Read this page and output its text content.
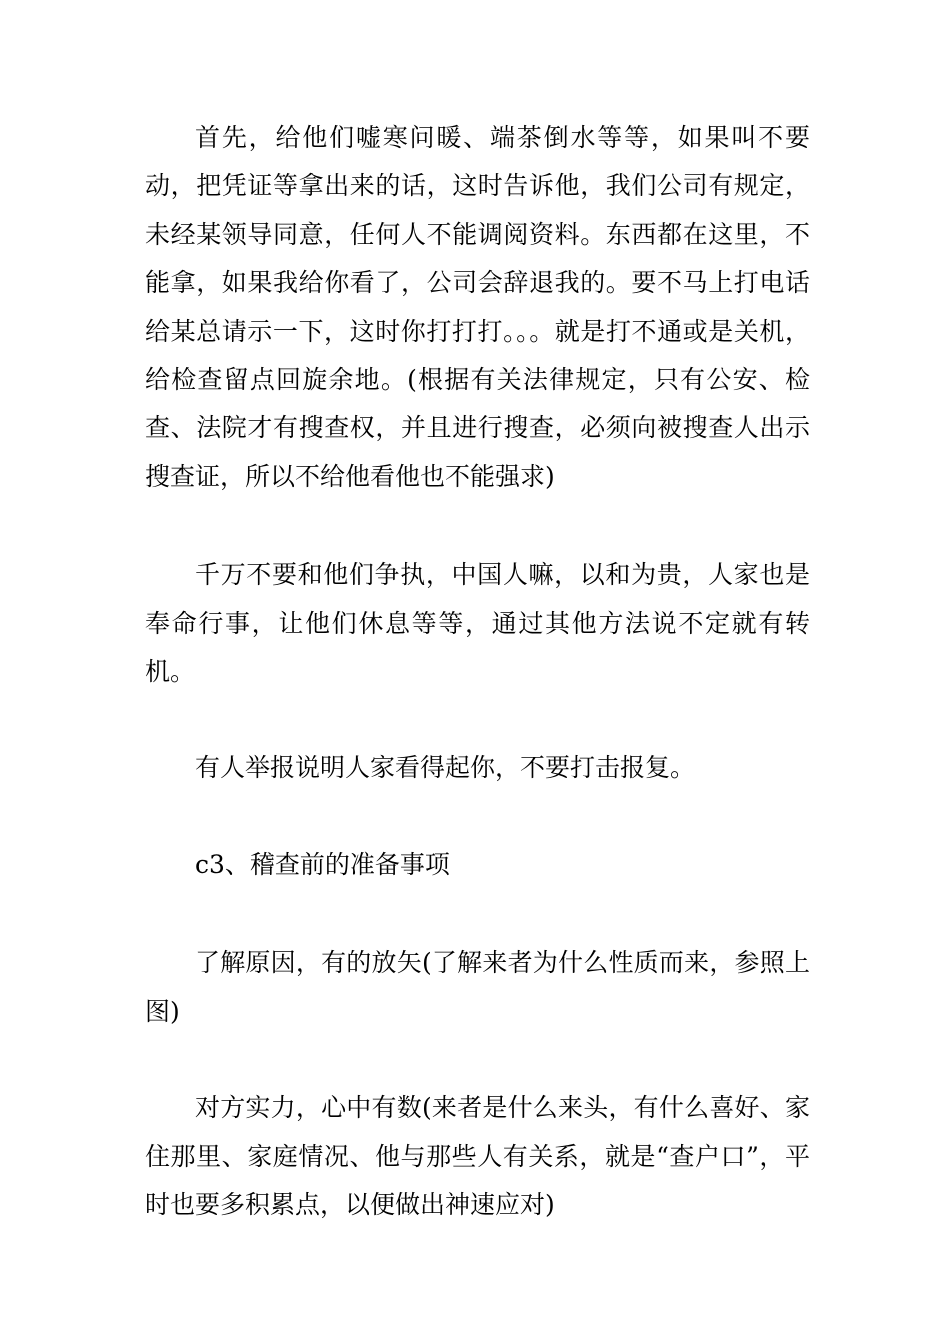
首先，给他们嘘寒问暖、端茶倒水等等，如果叫不要动，把凭证等拿出来的话，这时告诉他，我们公司有规定，未经某领导同意，任何人不能调阅资料。东西都在这里，不能拿，如果我给你看了，公司会辞退我的。要不马上打电话给某总请示一下，这时你打打打。。。就是打不通或是关机，给检查留点回旋余地。(根据有关法律规定，只有公安、检查、法院才有搜查权，并且进行搜查，必须向被搜查人出示搜查证，所以不给他看他也不能强求)

千万不要和他们争执，中国人嘛，以和为贵，人家也是奉命行事，让他们休息等等，通过其他方法说不定就有转机。

有人举报说明人家看得起你，不要打击报复。

c3、稽查前的准备事项

了解原因，有的放矢(了解来者为什么性质而来，参照上图)

对方实力，心中有数(来者是什么来头，有什么喜好、家住那里、家庭情况、他与那些人有关系，就是“查户口”，平时也要多积累点，以便做出神速应对)
